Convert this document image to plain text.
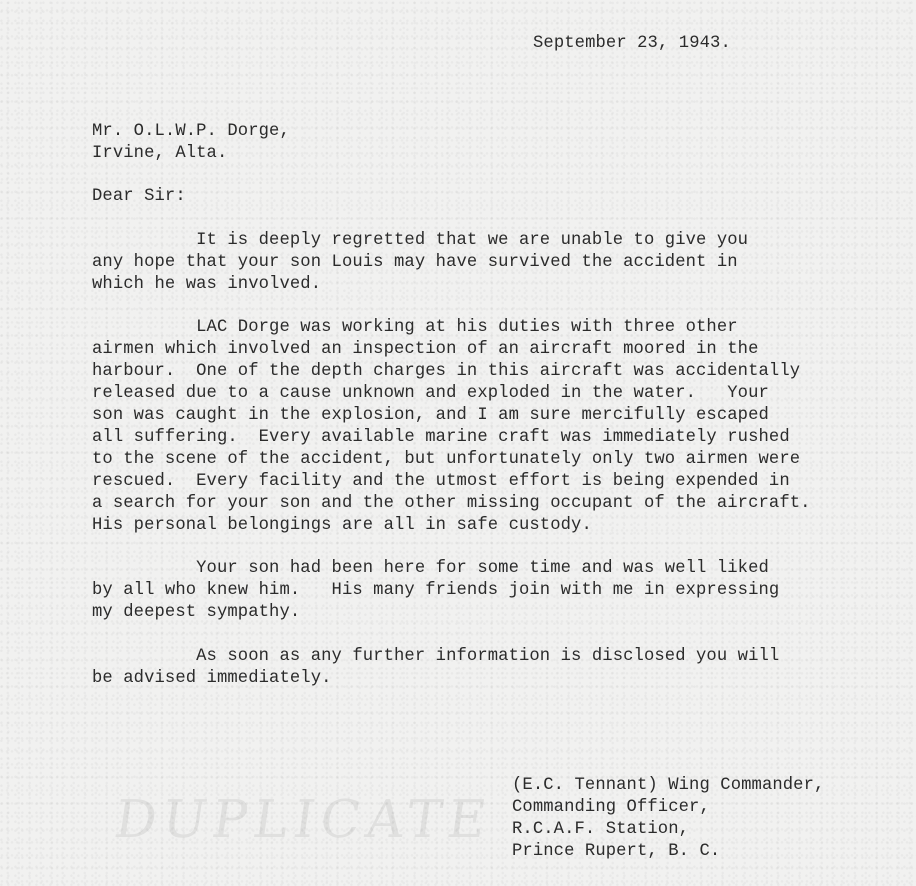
DUPLICATE
September 23, 1943.
Mr. O.L.W.P. Dorge,
Irvine, Alta.
Dear Sir:
It is deeply regretted that we are unable to give you
any hope that your son Louis may have survived the accident in
which he was involved.
LAC Dorge was working at his duties with three other
airmen which involved an inspection of an aircraft moored in the
harbour.  One of the depth charges in this aircraft was accidentally
released due to a cause unknown and exploded in the water.   Your
son was caught in the explosion, and I am sure mercifully escaped
all suffering.  Every available marine craft was immediately rushed
to the scene of the accident, but unfortunately only two airmen were
rescued.  Every facility and the utmost effort is being expended in
a search for your son and the other missing occupant of the aircraft.
His personal belongings are all in safe custody.
Your son had been here for some time and was well liked
by all who knew him.   His many friends join with me in expressing
my deepest sympathy.
As soon as any further information is disclosed you will
be advised immediately.
(E.C. Tennant) Wing Commander,
Commanding Officer,
R.C.A.F. Station,
Prince Rupert, B. C.
